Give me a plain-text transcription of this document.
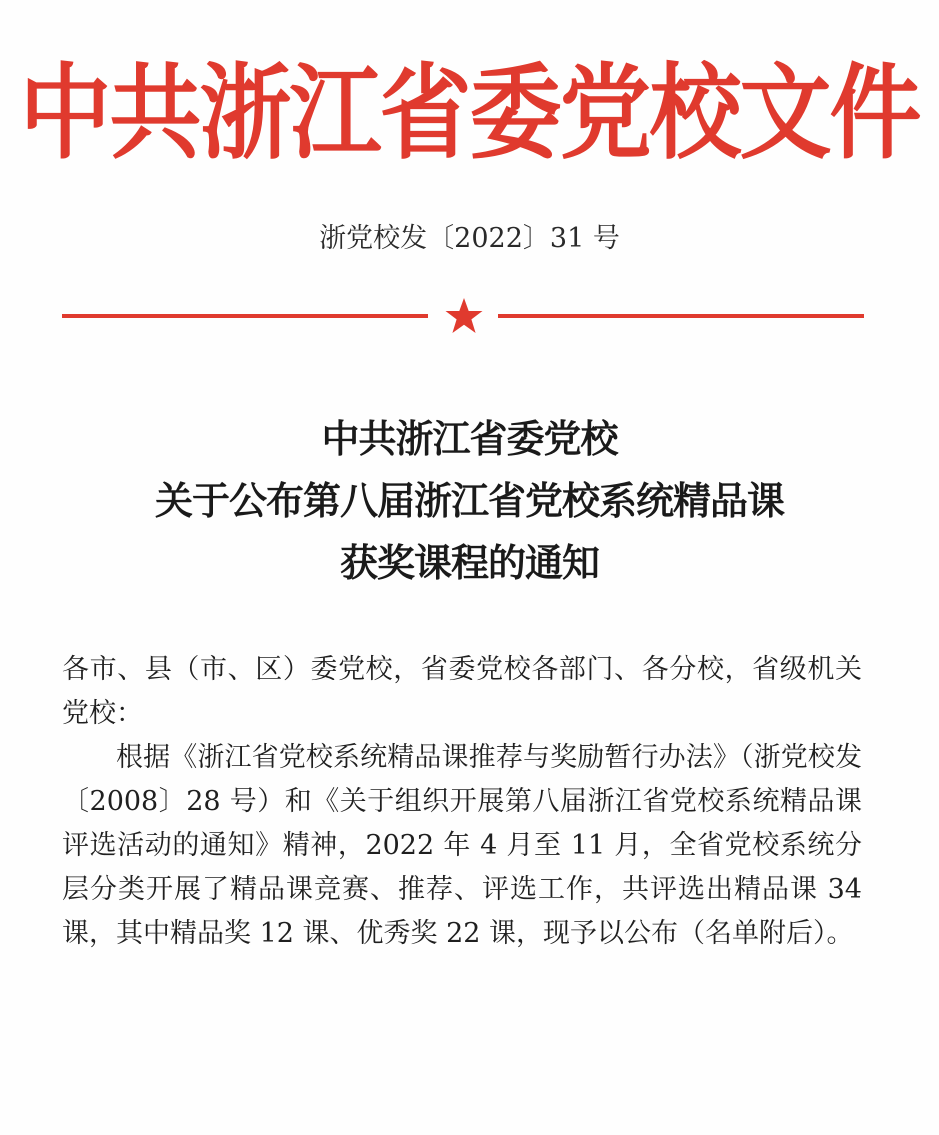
中共浙江省委党校文件
浙党校发〔2022〕31 号
中共浙江省委党校
关于公布第八届浙江省党校系统精品课
获奖课程的通知

各市、县（市、区）委党校，省委党校各部门、各分校，省级机关党校：

根据《浙江省党校系统精品课推荐与奖励暂行办法》（浙党校发〔2008〕28 号）和《关于组织开展第八届浙江省党校系统精品课评选活动的通知》精神，2022 年 4 月至 11 月，全省党校系统分层分类开展了精品课竞赛、推荐、评选工作，共评选出精品课 34 课，其中精品奖 12 课、优秀奖 22 课，现予以公布（名单附后）。
